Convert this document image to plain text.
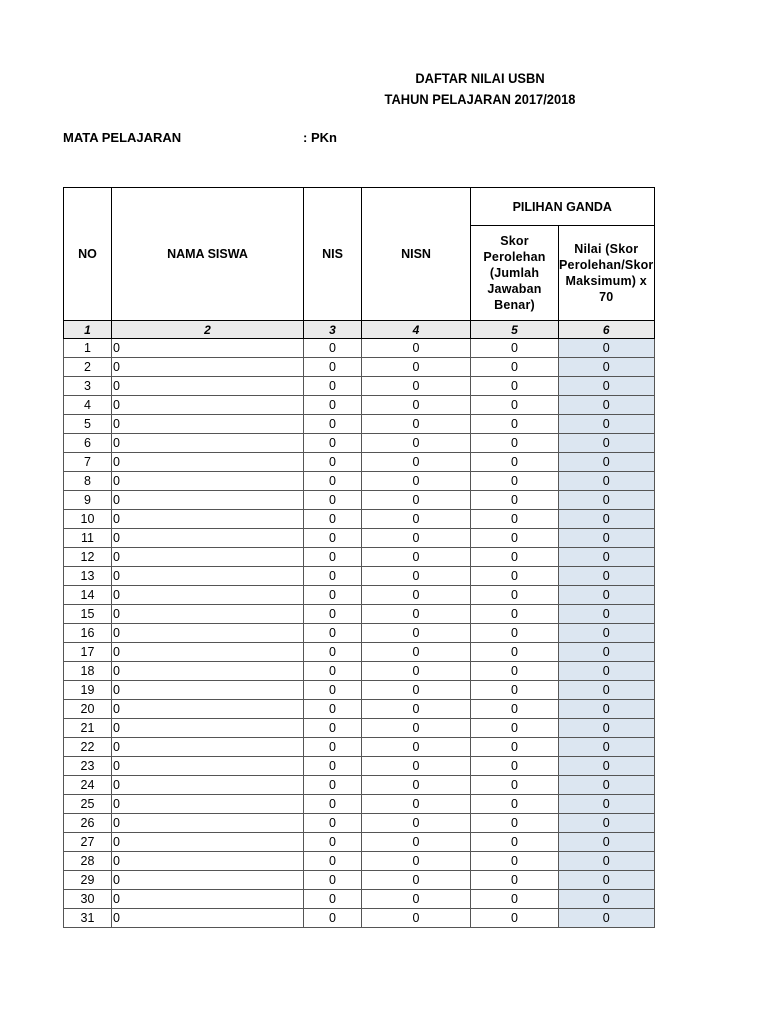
DAFTAR NILAI USBN
TAHUN PELAJARAN 2017/2018
MATA PELAJARAN	: PKn
NO	NAMA SISWA	NIS	NISN	PILIHAN GANDA	
				Skor Perolehan (Jumlah Jawaban Benar)	Nilai (Skor Perolehan/Skor Maksimum) x 70
1	2	3	4	5	6
1	0	0	0	0	0
2	0	0	0	0	0
3	0	0	0	0	0
4	0	0	0	0	0
5	0	0	0	0	0
6	0	0	0	0	0
7	0	0	0	0	0
8	0	0	0	0	0
9	0	0	0	0	0
10	0	0	0	0	0
11	0	0	0	0	0
12	0	0	0	0	0
13	0	0	0	0	0
14	0	0	0	0	0
15	0	0	0	0	0
16	0	0	0	0	0
17	0	0	0	0	0
18	0	0	0	0	0
19	0	0	0	0	0
20	0	0	0	0	0
21	0	0	0	0	0
22	0	0	0	0	0
23	0	0	0	0	0
24	0	0	0	0	0
25	0	0	0	0	0
26	0	0	0	0	0
27	0	0	0	0	0
28	0	0	0	0	0
29	0	0	0	0	0
30	0	0	0	0	0
31	0	0	0	0	0
